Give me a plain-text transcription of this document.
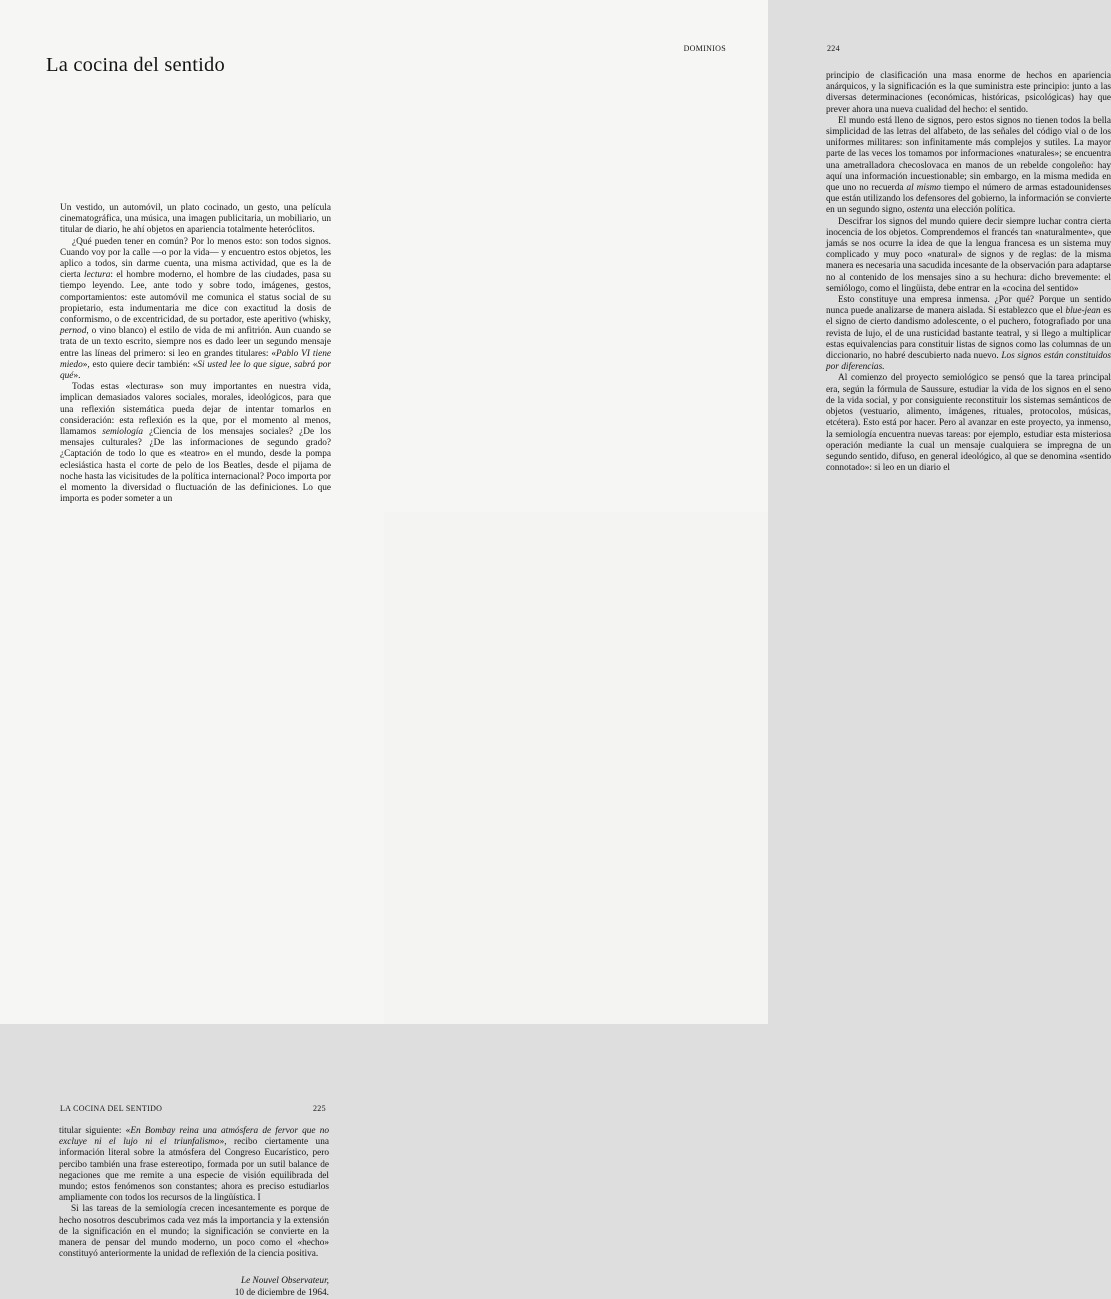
La cocina del sentido

Un vestido, un automóvil, un plato cocinado, un gesto, una película cinematográfica, una música, una imagen publicitaria, un mobiliario, un titular de diario, he ahí objetos en apariencia totalmente heteróclitos.

¿Qué pueden tener en común? Por lo menos esto: son todos signos. Cuando voy por la calle —o por la vida— y encuentro estos objetos, les aplico a todos, sin darme cuenta, una misma actividad, que es la de cierta lectura: el hombre moderno, el hombre de las ciudades, pasa su tiempo leyendo. Lee, ante todo y sobre todo, imágenes, gestos, comportamientos: este automóvil me comunica el status social de su propietario, esta indumentaria me dice con exactitud la dosis de conformismo, o de excentricidad, de su portador, este aperitivo (whisky, pernod, o vino blanco) el estilo de vida de mi anfitrión. Aun cuando se trata de un texto escrito, siempre nos es dado leer un segundo mensaje entre las líneas del primero: si leo en grandes titulares: «Pablo VI tiene miedo», esto quiere decir también: «Si usted lee lo que sigue, sabrá por qué».

Todas estas «lecturas» son muy importantes en nuestra vida, implican demasiados valores sociales, morales, ideológicos, para que una reflexión sistemática pueda dejar de intentar tomarlos en consideración: esta reflexión es la que, por el momento al menos, llamamos semiología ¿Ciencia de los mensajes sociales? ¿De los mensajes culturales? ¿De las informaciones de segundo grado? ¿Captación de todo lo que es «teatro» en el mundo, desde la pompa eclesiástica hasta el corte de pelo de los Beatles, desde el pijama de noche hasta las vicisitudes de la política internacional? Poco importa por el momento la diversidad o fluctuación de las definiciones. Lo que importa es poder someter a un

224
DOMINIOS

principio de clasificación una masa enorme de hechos en apariencia anárquicos, y la significación es la que suministra este principio: junto a las diversas determinaciones (económicas, históricas, psicológicas) hay que prever ahora una nueva cualidad del hecho: el sentido.

El mundo está lleno de signos, pero estos signos no tienen todos la bella simplicidad de las letras del alfabeto, de las señales del código vial o de los uniformes militares: son infinitamente más complejos y sutiles. La mayor parte de las veces los tomamos por informaciones «naturales»; se encuentra una ametralladora checoslovaca en manos de un rebelde congoleño: hay aquí una información incuestionable; sin embargo, en la misma medida en que uno no recuerda al mismo tiempo el número de armas estadounidenses que están utilizando los defensores del gobierno, la información se convierte en un segundo signo, ostenta una elección política.

Descifrar los signos del mundo quiere decir siempre luchar contra cierta inocencia de los objetos. Comprendemos el francés tan «naturalmente», que jamás se nos ocurre la idea de que la lengua francesa es un sistema muy complicado y muy poco «natural» de signos y de reglas: de la misma manera es necesaria una sacudida incesante de la observación para adaptarse no al contenido de los mensajes sino a su hechura: dicho brevemente: el semiólogo, como el lingüista, debe entrar en la «cocina del sentido»

Esto constituye una empresa inmensa. ¿Por qué? Porque un sentido nunca puede analizarse de manera aislada. Si establezco que el blue-jean es el signo de cierto dandismo adolescente, o el puchero, fotografiado por una revista de lujo, el de una rusticidad bastante teatral, y si llego a multiplicar estas equivalencias para constituir listas de signos como las columnas de un diccionario, no habré descubierto nada nuevo. Los signos están constituidos por diferencias.

Al comienzo del proyecto semiológico se pensó que la tarea principal era, según la fórmula de Saussure, estudiar la vida de los signos en el seno de la vida social, y por consiguiente reconstituir los sistemas semánticos de objetos (vestuario, alimento, imágenes, rituales, protocolos, músicas, etcétera). Esto está por hacer. Pero al avanzar en este proyecto, ya inmenso, la semiología encuentra nuevas tareas: por ejemplo, estudiar esta misteriosa operación mediante la cual un mensaje cualquiera se impregna de un segundo sentido, difuso, en general ideológico, al que se denomina «sentido connotado»: si leo en un diario el

LA COCINA DEL SENTIDO	225

titular siguiente: «En Bombay reina una atmósfera de fervor que no excluye ni el lujo ni el triunfalismo», recibo ciertamente una información literal sobre la atmósfera del Congreso Eucarístico, pero percibo también una frase estereotipo, formada por un sutil balance de negaciones que me remite a una especie de visión equilibrada del mundo; estos fenómenos son constantes; ahora es preciso estudiarlos ampliamente con todos los recursos de la lingüística. I

Si las tareas de la semiología crecen incesantemente es porque de hecho nosotros descubrimos cada vez más la importancia y la extensión de la significación en el mundo; la significación se convierte en la manera de pensar del mundo moderno, un poco como el «hecho» constituyó anteriormente la unidad de reflexión de la ciencia positiva.

Le Nouvel Observateur,
10 de diciembre de 1964.
